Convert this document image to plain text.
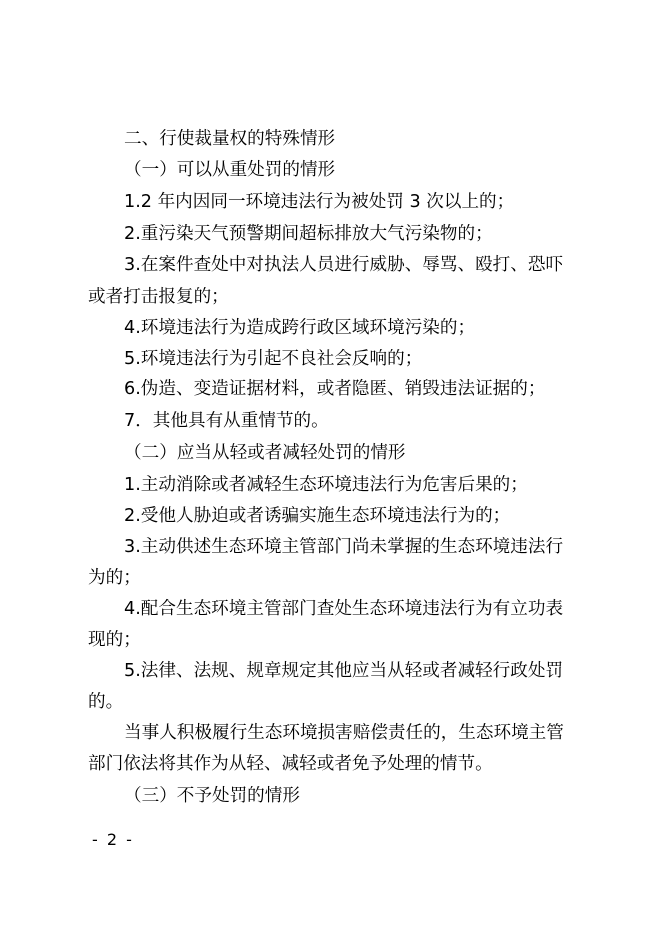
二、行使裁量权的特殊情形
（一）可以从重处罚的情形
1.2 年内因同一环境违法行为被处罚 3 次以上的；
2.重污染天气预警期间超标排放大气污染物的；
3.在案件查处中对执法人员进行威胁、辱骂、殴打、恐吓
或者打击报复的；
4.环境违法行为造成跨行政区域环境污染的；
5.环境违法行为引起不良社会反响的；
6.伪造、变造证据材料，或者隐匿、销毁违法证据的；
7．其他具有从重情节的。
（二）应当从轻或者减轻处罚的情形
1.主动消除或者减轻生态环境违法行为危害后果的；
2.受他人胁迫或者诱骗实施生态环境违法行为的；
3.主动供述生态环境主管部门尚未掌握的生态环境违法行
为的；
4.配合生态环境主管部门查处生态环境违法行为有立功表
现的；
5.法律、法规、规章规定其他应当从轻或者减轻行政处罚
的。
当事人积极履行生态环境损害赔偿责任的，生态环境主管
部门依法将其作为从轻、减轻或者免予处理的情节。
（三）不予处罚的情形
- 2 -
